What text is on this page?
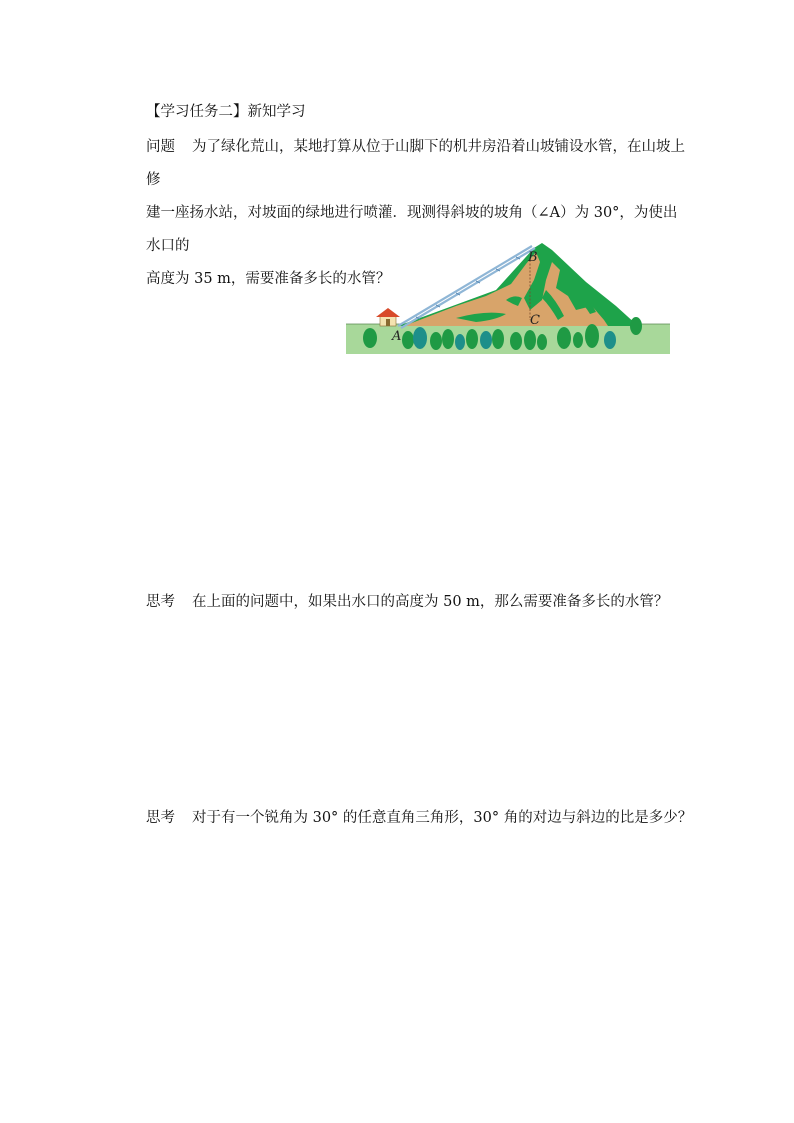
【学习任务二】新知学习
问题 为了绿化荒山，某地打算从位于山脚下的机井房沿着山坡铺设水管，在山坡上修
建一座扬水站，对坡面的绿地进行喷灌．现测得斜坡的坡角（∠A）为 30°，为使出水口的
高度为 35 m，需要准备多长的水管？
A
B
C
思考 在上面的问题中，如果出水口的高度为 50 m，那么需要准备多长的水管？
思考 对于有一个锐角为 30° 的任意直角三角形，30° 角的对边与斜边的比是多少？
